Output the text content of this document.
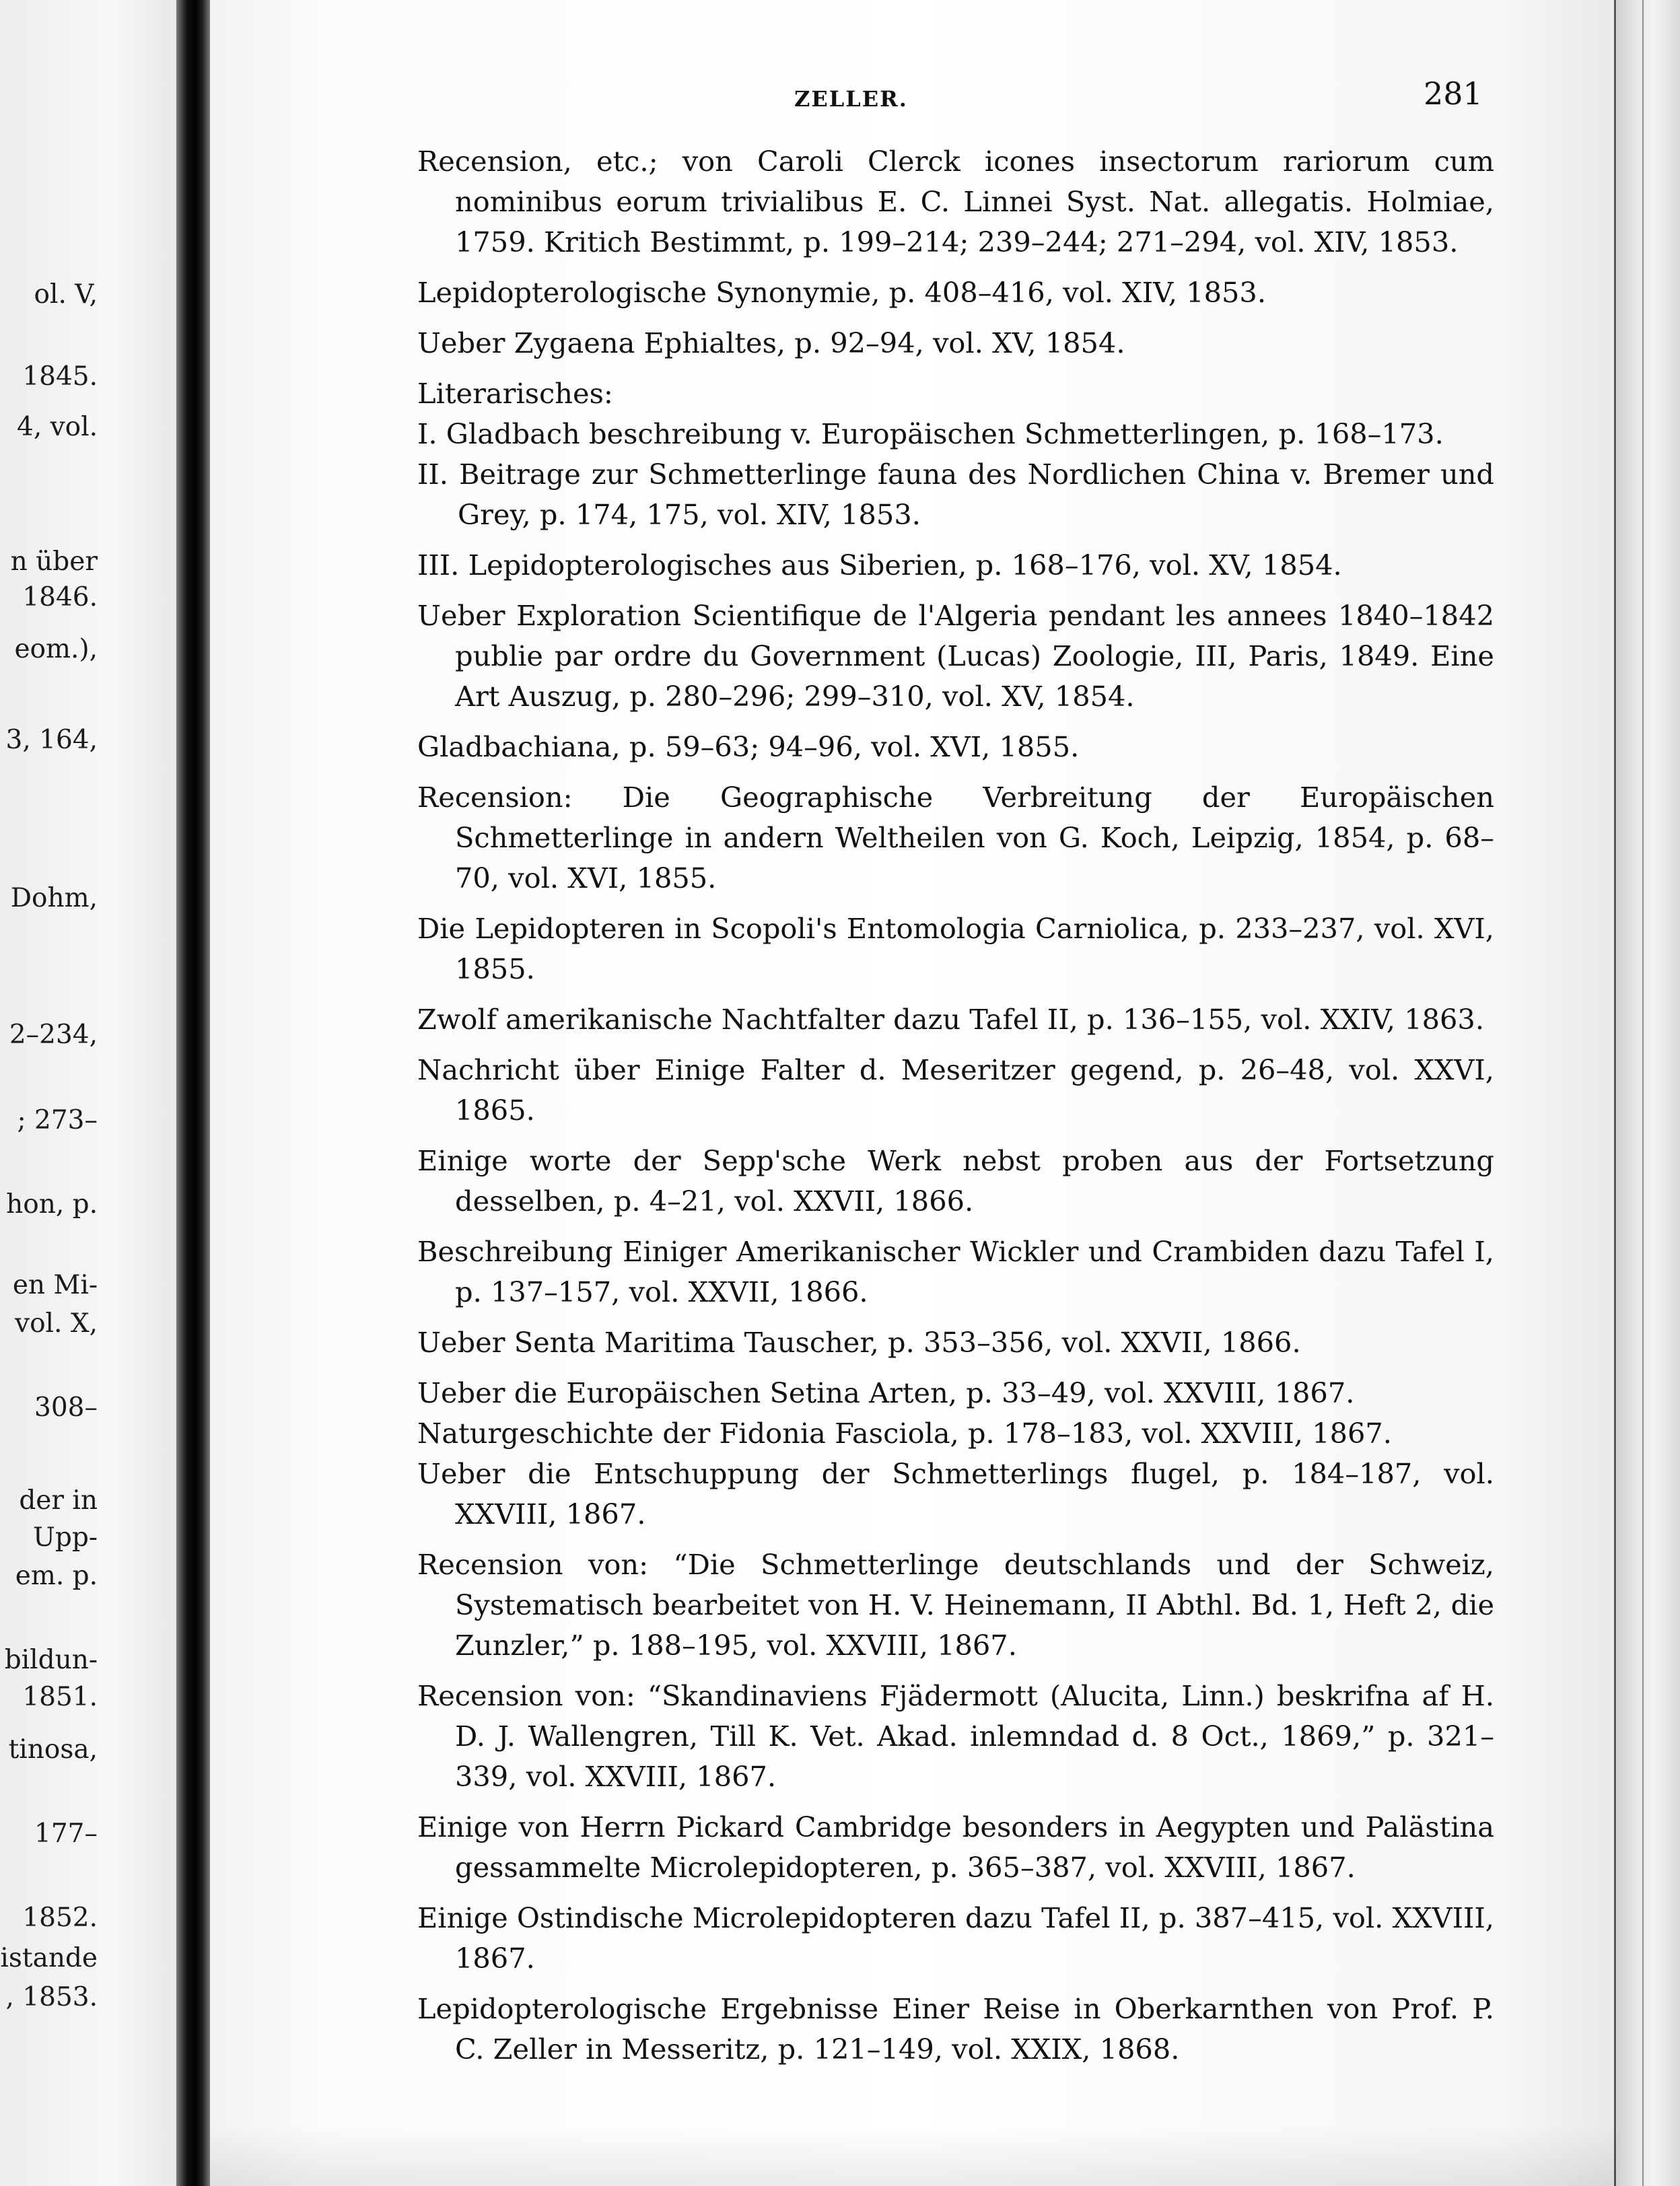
ol. V,
1845.
4, vol.
n über
1846.
eom.),
3, 164,
Dohm,
2–234,
; 273–
hon, p.
en Mi-
vol. X,
308–
der in
Upp-
em. p.
bildun-
1851.
tinosa,
177–
1852.
istande
, 1853.
ZELLER.	281
Recension, etc.; von Caroli Clerck icones insectorum rariorum cum nominibus eorum trivialibus E. C. Linnei Syst. Nat. allegatis. Holmiae, 1759. Kritich Bestimmt, p. 199–214; 239–244; 271–294, vol. XIV, 1853.
Lepidopterologische Synonymie, p. 408–416, vol. XIV, 1853.
Ueber Zygaena Ephialtes, p. 92–94, vol. XV, 1854.
Literarisches:
I. Gladbach beschreibung v. Europäischen Schmetterlingen, p. 168–173.
II. Beitrage zur Schmetterlinge fauna des Nordlichen China v. Bremer und Grey, p. 174, 175, vol. XIV, 1853.
III. Lepidopterologisches aus Siberien, p. 168–176, vol. XV, 1854.
Ueber Exploration Scientifique de l'Algeria pendant les annees 1840–1842 publie par ordre du Government (Lucas) Zoologie, III, Paris, 1849. Eine Art Auszug, p. 280–296; 299–310, vol. XV, 1854.
Gladbachiana, p. 59–63; 94–96, vol. XVI, 1855.
Recension: Die Geographische Verbreitung der Europäischen Schmetterlinge in andern Weltheilen von G. Koch, Leipzig, 1854, p. 68–70, vol. XVI, 1855.
Die Lepidopteren in Scopoli's Entomologia Carniolica, p. 233–237, vol. XVI, 1855.
Zwolf amerikanische Nachtfalter dazu Tafel II, p. 136–155, vol. XXIV, 1863.
Nachricht über Einige Falter d. Meseritzer gegend, p. 26–48, vol. XXVI, 1865.
Einige worte der Sepp'sche Werk nebst proben aus der Fortsetzung desselben, p. 4–21, vol. XXVII, 1866.
Beschreibung Einiger Amerikanischer Wickler und Crambiden dazu Tafel I, p. 137–157, vol. XXVII, 1866.
Ueber Senta Maritima Tauscher, p. 353–356, vol. XXVII, 1866.
Ueber die Europäischen Setina Arten, p. 33–49, vol. XXVIII, 1867.
Naturgeschichte der Fidonia Fasciola, p. 178–183, vol. XXVIII, 1867.
Ueber die Entschuppung der Schmetterlings flugel, p. 184–187, vol. XXVIII, 1867.
Recension von: “Die Schmetterlinge deutschlands und der Schweiz, Systematisch bearbeitet von H. V. Heinemann, II Abthl. Bd. 1, Heft 2, die Zunzler,” p. 188–195, vol. XXVIII, 1867.
Recension von: “Skandinaviens Fjädermott (Alucita, Linn.) beskrifna af H. D. J. Wallengren, Till K. Vet. Akad. inlemndad d. 8 Oct., 1869,” p. 321–339, vol. XXVIII, 1867.
Einige von Herrn Pickard Cambridge besonders in Aegypten und Palästina gessammelte Microlepidopteren, p. 365–387, vol. XXVIII, 1867.
Einige Ostindische Microlepidopteren dazu Tafel II, p. 387–415, vol. XXVIII, 1867.
Lepidopterologische Ergebnisse Einer Reise in Oberkarnthen von Prof. P. C. Zeller in Messeritz, p. 121–149, vol. XXIX, 1868.
